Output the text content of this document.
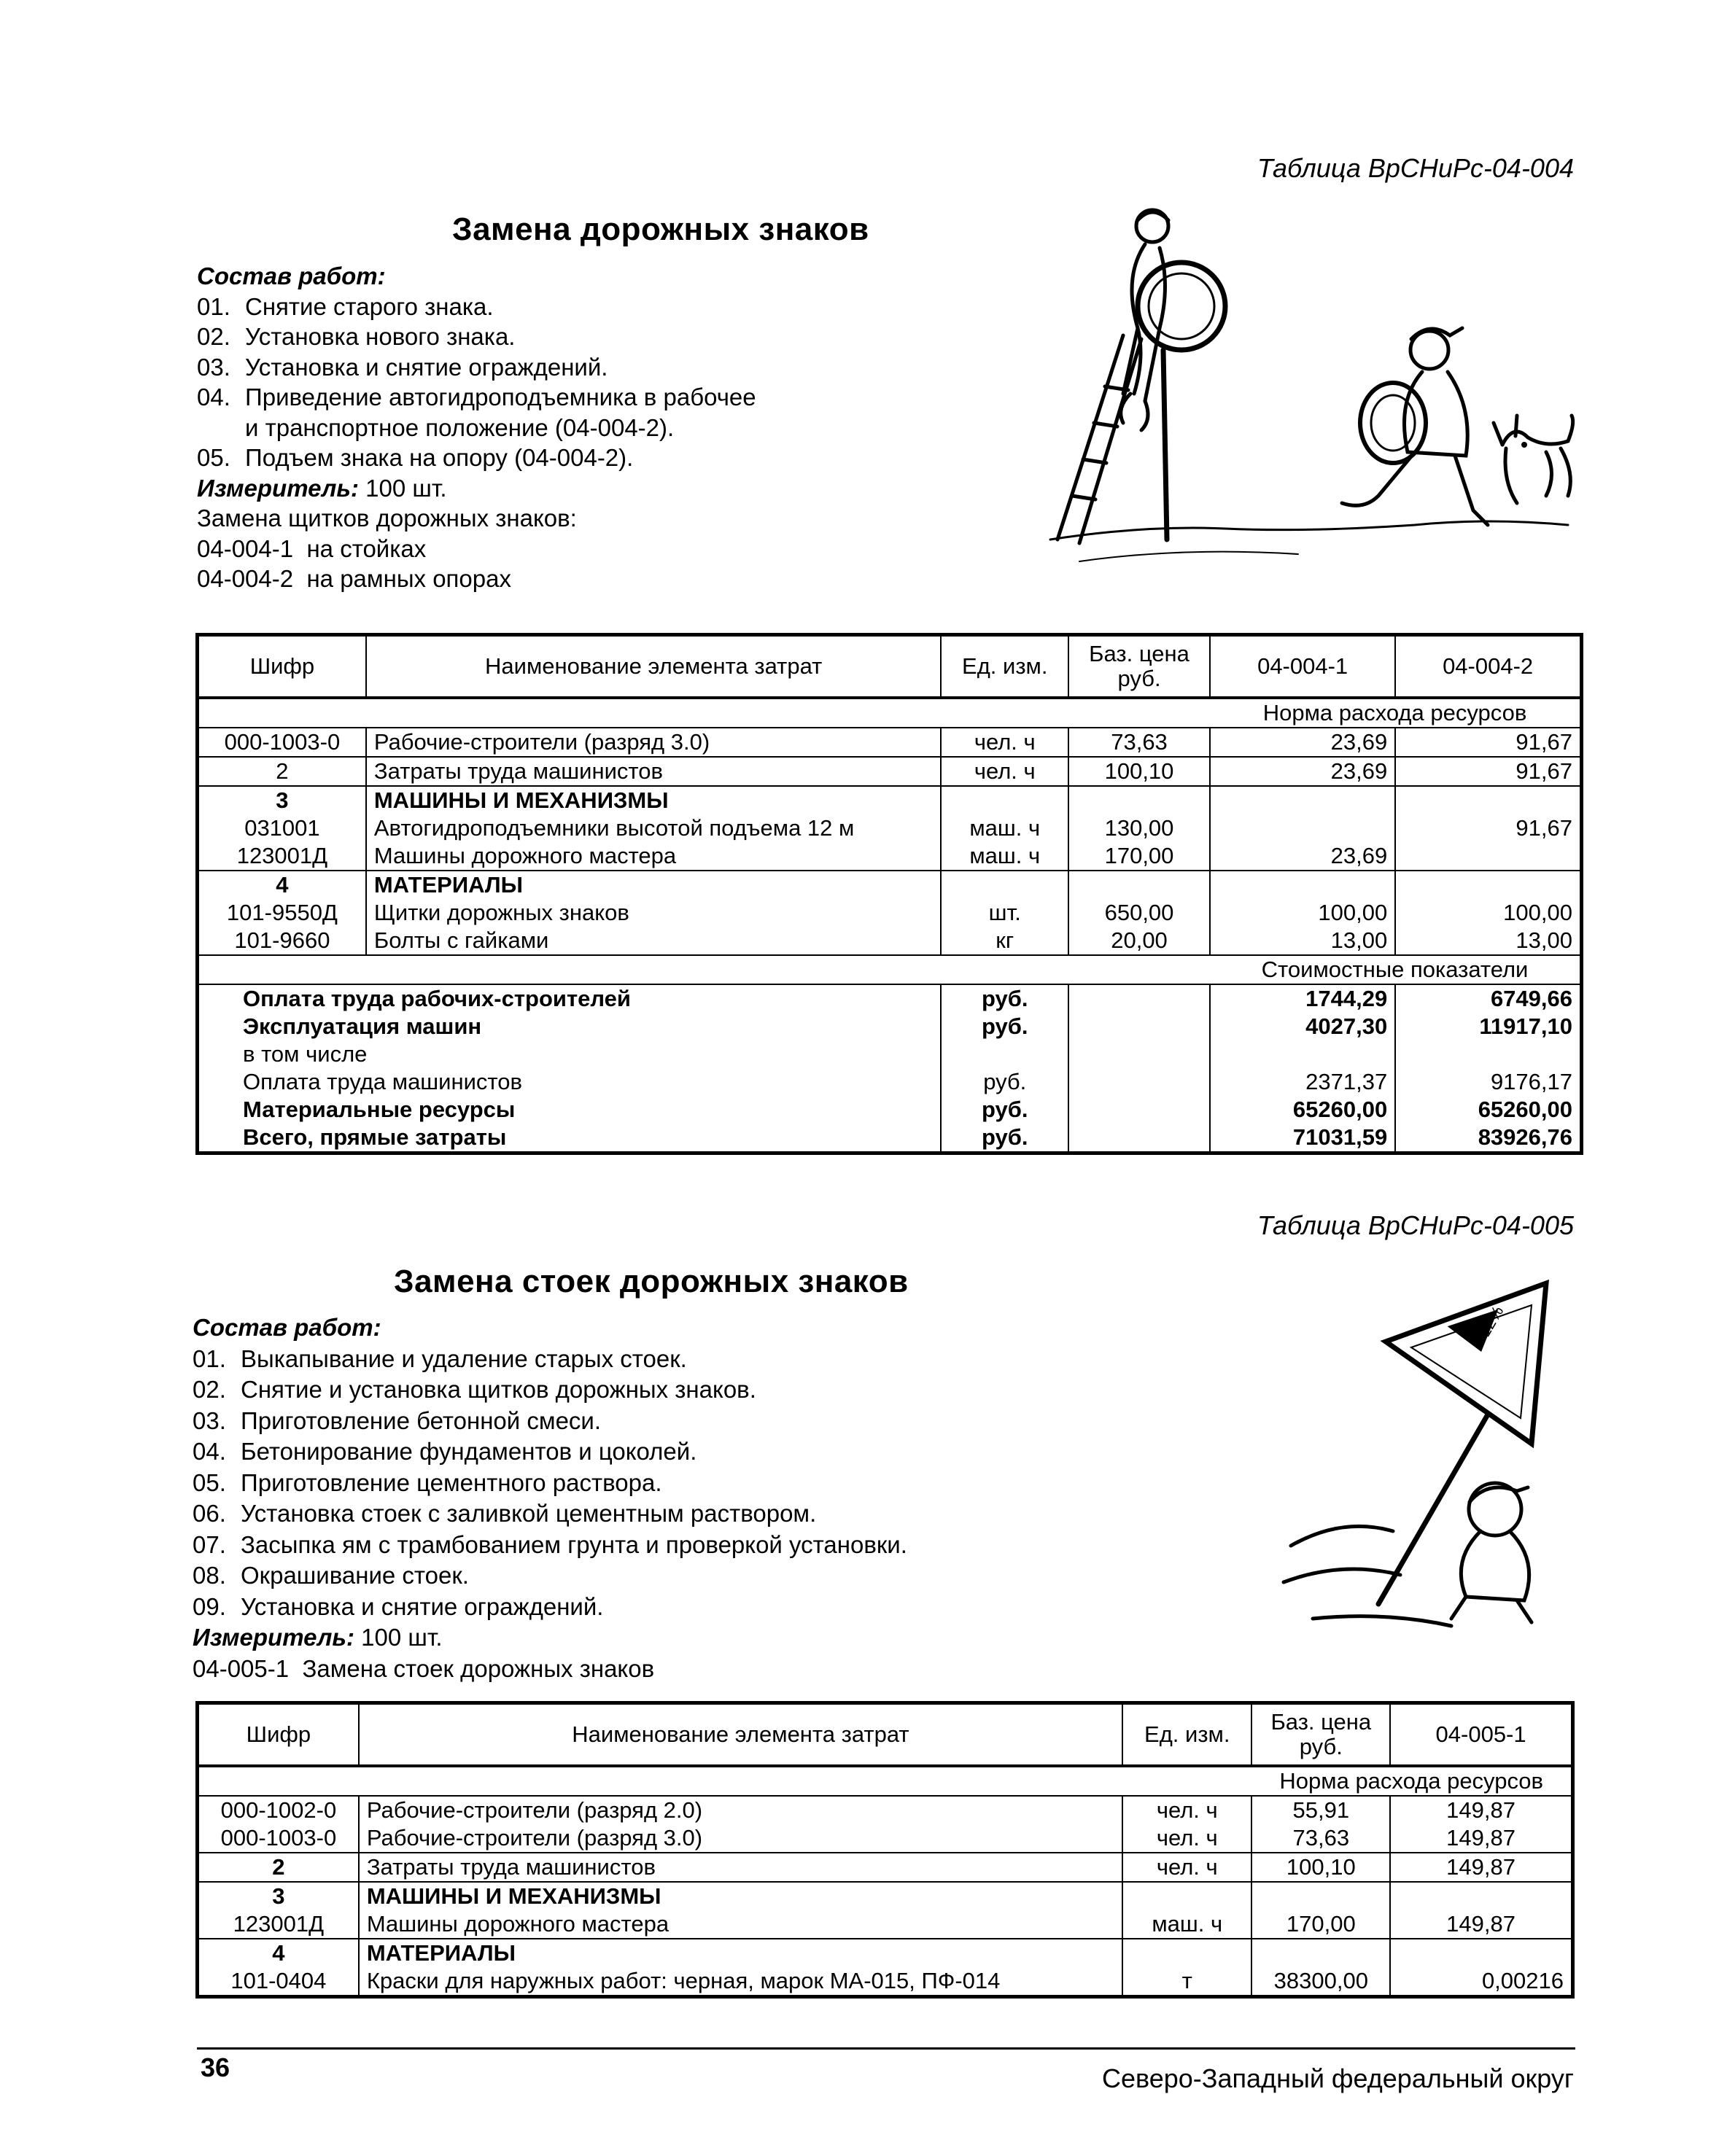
Таблица ВрСНиРс-04-004
Замена дорожных знаков
Состав работ:
01. Снятие старого знака.
02. Установка нового знака.
03. Установка и снятие ограждений.
04. Приведение автогидроподъемника в рабочее
и транспортное положение (04-004-2).
05. Подъем знака на опору (04-004-2).
Измеритель: 100 шт.
Замена щитков дорожных знаков:
04-004-1 на стойках
04-004-2 на рамных опорах
Шифр	Наименование элемента затрат	Ед. изм.	Баз. цена руб.	04-004-1	04-004-2
				Норма расхода ресурсов	
000-1003-0	Рабочие-строители (разряд 3.0)	чел. ч	73,63	23,69	91,67
2	Затраты труда машинистов	чел. ч	100,10	23,69	91,67
3	МАШИНЫ И МЕХАНИЗМЫ				
031001	Автогидроподъемники высотой подъема 12 м	маш. ч	130,00		91,67
123001Д	Машины дорожного мастера	маш. ч	170,00	23,69	
4	МАТЕРИАЛЫ				
101-9550Д	Щитки дорожных знаков	шт.	650,00	100,00	100,00
101-9660	Болты с гайками	кг	20,00	13,00	13,00
				Стоимостные показатели	
Оплата труда рабочих-строителей		руб.		1744,29	6749,66
Эксплуатация машин		руб.		4027,30	11917,10
в том числе					
Оплата труда машинистов		руб.		2371,37	9176,17
Материальные ресурсы		руб.		65260,00	65260,00
Всего, прямые затраты		руб.		71031,59	83926,76
Таблица ВрСНиРс-04-005
Замена стоек дорожных знаков
Состав работ:
01. Выкапывание и удаление старых стоек.
02. Снятие и установка щитков дорожных знаков.
03. Приготовление бетонной смеси.
04. Бетонирование фундаментов и цоколей.
05. Приготовление цементного раствора.
06. Установка стоек с заливкой цементным раствором.
07. Засыпка ям с трамбованием грунта и проверкой установки.
08. Окрашивание стоек.
09. Установка и снятие ограждений.
Измеритель: 100 шт.
04-005-1 Замена стоек дорожных знаков
12%
Шифр	Наименование элемента затрат	Ед. изм.	Баз. цена руб.	04-005-1
			Норма расхода ресурсов	
000-1002-0	Рабочие-строители (разряд 2.0)	чел. ч	55,91	149,87
000-1003-0	Рабочие-строители (разряд 3.0)	чел. ч	73,63	149,87
2	Затраты труда машинистов	чел. ч	100,10	149,87
3	МАШИНЫ И МЕХАНИЗМЫ			
123001Д	Машины дорожного мастера	маш. ч	170,00	149,87
4	МАТЕРИАЛЫ			
101-0404	Краски для наружных работ: черная, марок МА-015, ПФ-014	т	38300,00	0,00216
36	Северо-Западный федеральный округ
